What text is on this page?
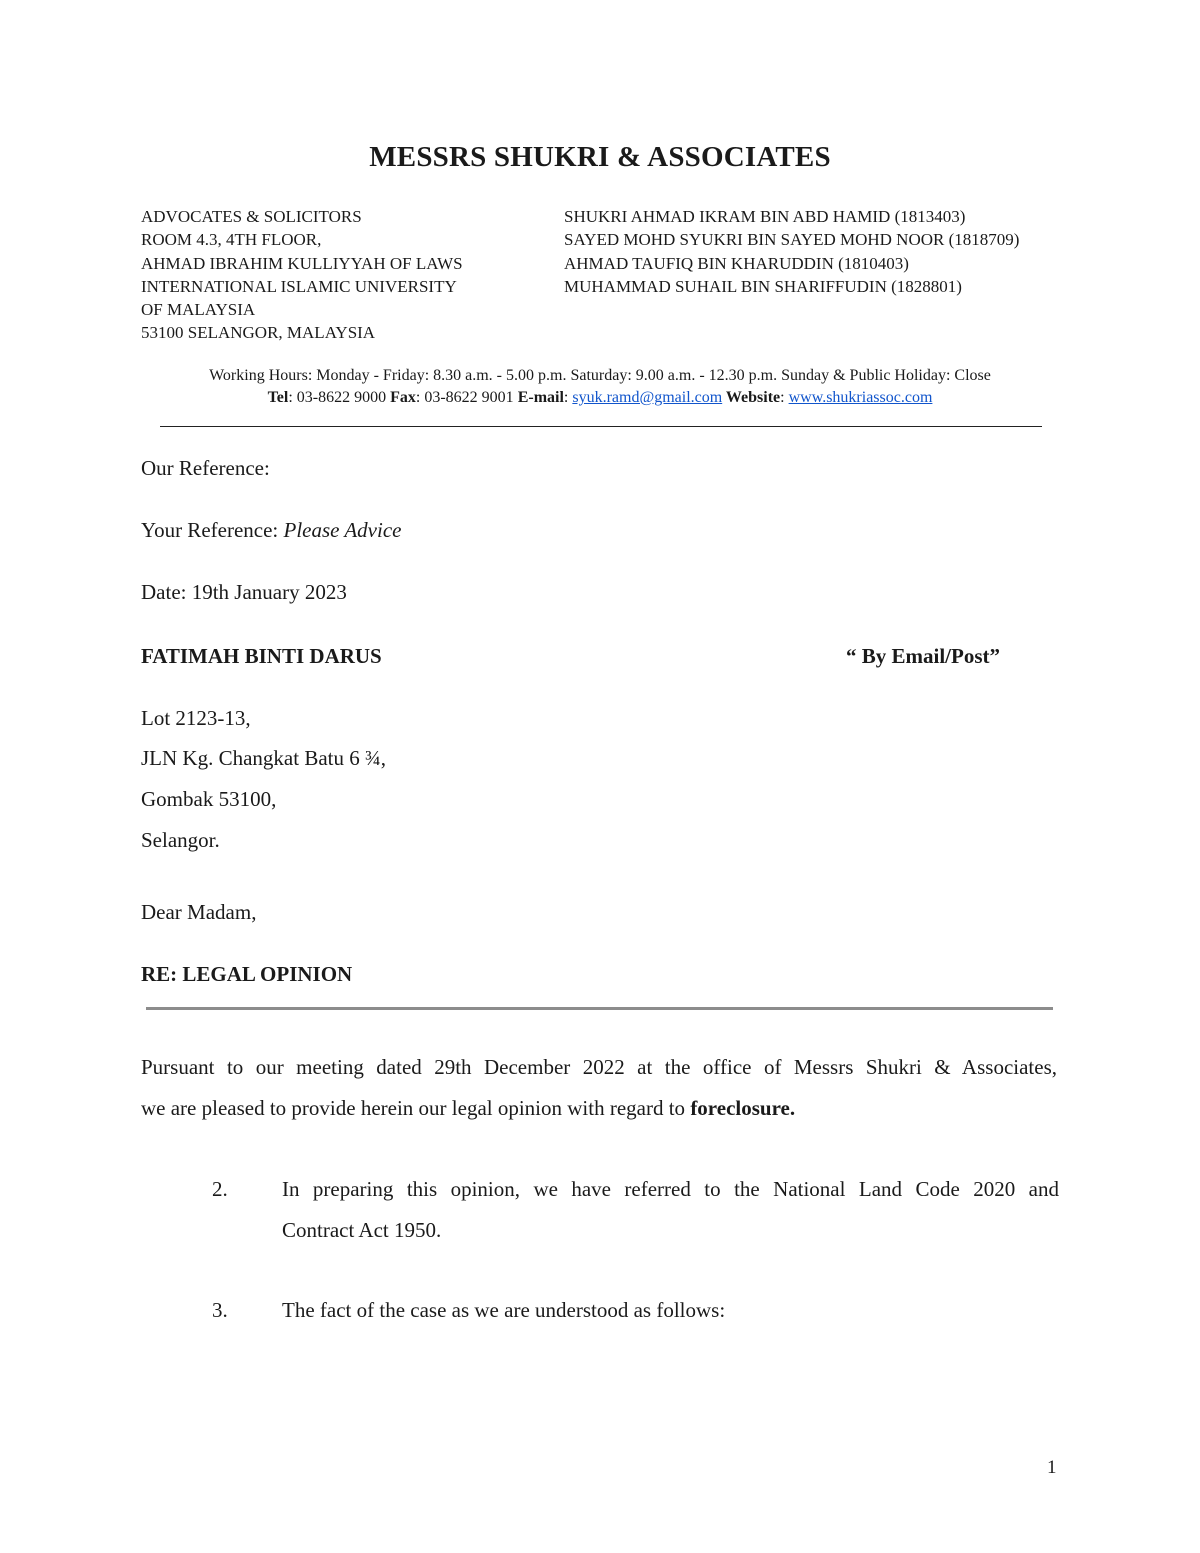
MESSRS SHUKRI & ASSOCIATES
ADVOCATES & SOLICITORS
ROOM 4.3, 4TH FLOOR,
AHMAD IBRAHIM KULLIYYAH OF LAWS
INTERNATIONAL ISLAMIC UNIVERSITY
OF MALAYSIA
53100 SELANGOR, MALAYSIA
SHUKRI AHMAD IKRAM BIN ABD HAMID (1813403)
SAYED MOHD SYUKRI BIN SAYED MOHD NOOR (1818709)
AHMAD TAUFIQ BIN KHARUDDIN (1810403)
MUHAMMAD SUHAIL BIN SHARIFFUDIN (1828801)
Working Hours: Monday - Friday: 8.30 a.m. - 5.00 p.m. Saturday: 9.00 a.m. - 12.30 p.m. Sunday & Public Holiday: Close
Tel: 03-8622 9000 Fax: 03-8622 9001 E-mail: syuk.ramd@gmail.com Website: www.shukriassoc.com
Our Reference:
Your Reference: Please Advice
Date: 19th January 2023
FATIMAH BINTI DARUS	“ By Email/Post”
Lot 2123-13,
JLN Kg. Changkat Batu 6 ¾,
Gombak 53100,
Selangor.
Dear Madam,
RE: LEGAL OPINION
Pursuant to our meeting dated 29th December 2022 at the office of Messrs Shukri & Associates,
we are pleased to provide herein our legal opinion with regard to foreclosure.
2.	In preparing this opinion, we have referred to the National Land Code 2020 and
Contract Act 1950.
3.	The fact of the case as we are understood as follows:
1
